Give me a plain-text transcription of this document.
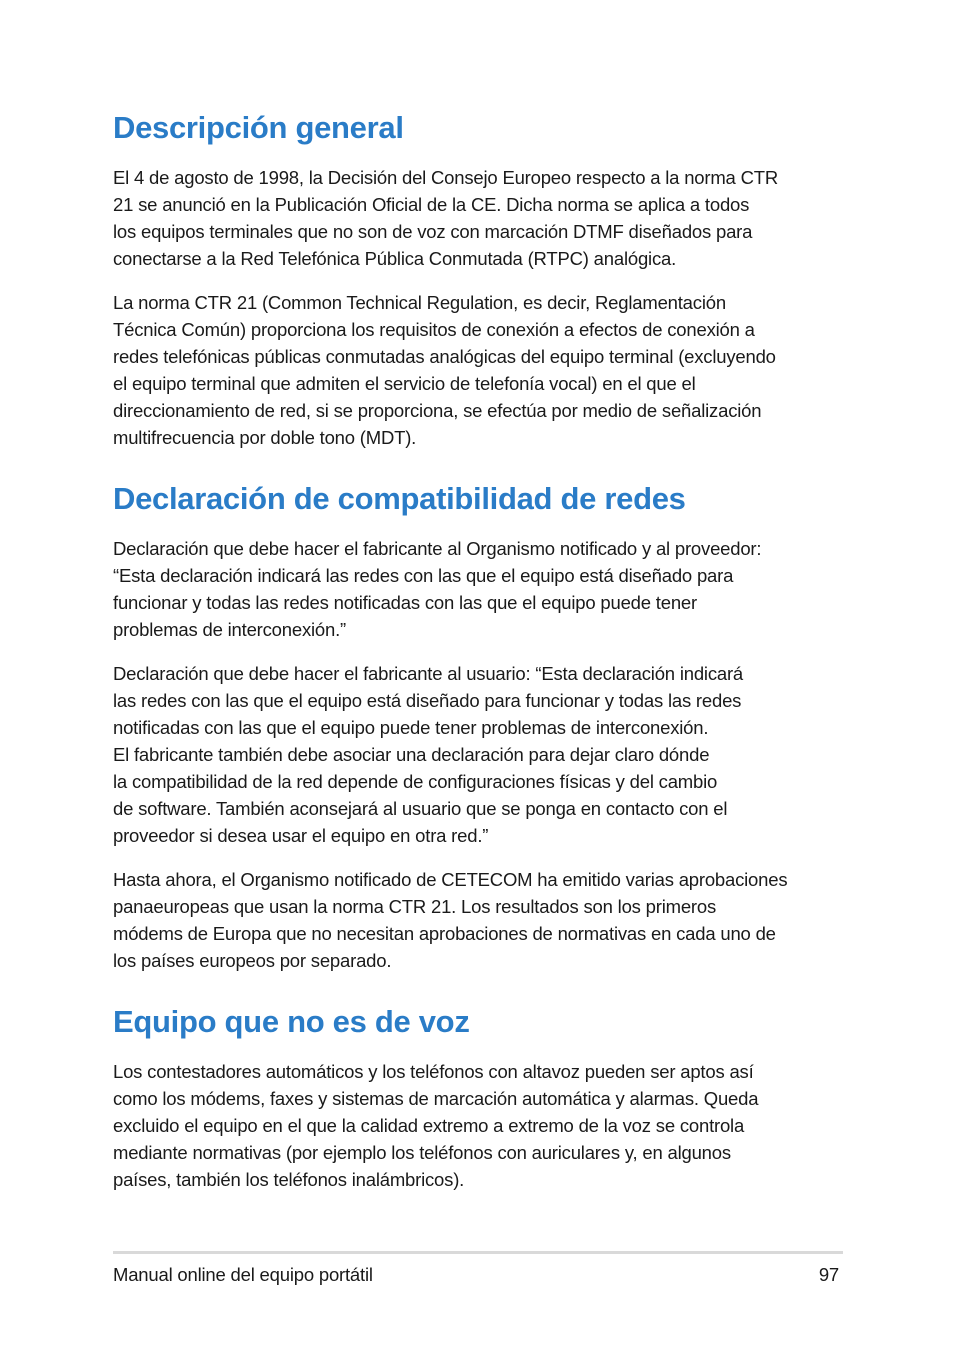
Descripción general

El 4 de agosto de 1998, la Decisión del Consejo Europeo respecto a la norma CTR
21 se anunció en la Publicación Oficial de la CE. Dicha norma se aplica a todos
los equipos terminales que no son de voz con marcación DTMF diseñados para
conectarse a la Red Telefónica Pública Conmutada (RTPC) analógica.

La norma CTR 21 (Common Technical Regulation, es decir, Reglamentación
Técnica Común) proporciona los requisitos de conexión a efectos de conexión a
redes telefónicas públicas conmutadas analógicas del equipo terminal (excluyendo
el equipo terminal que admiten el servicio de telefonía vocal) en el que el
direccionamiento de red, si se proporciona, se efectúa por medio de señalización
multifrecuencia por doble tono (MDT).

Declaración de compatibilidad de redes

Declaración que debe hacer el fabricante al Organismo notificado y al proveedor:
“Esta declaración indicará las redes con las que el equipo está diseñado para
funcionar y todas las redes notificadas con las que el equipo puede tener
problemas de interconexión.”

Declaración que debe hacer el fabricante al usuario: “Esta declaración indicará
las redes con las que el equipo está diseñado para funcionar y todas las redes
notificadas con las que el equipo puede tener problemas de interconexión.
El fabricante también debe asociar una declaración para dejar claro dónde
la compatibilidad de la red depende de configuraciones físicas y del cambio
de software. También aconsejará al usuario que se ponga en contacto con el
proveedor si desea usar el equipo en otra red.”

Hasta ahora, el Organismo notificado de CETECOM ha emitido varias aprobaciones
panaeuropeas que usan la norma CTR 21. Los resultados son los primeros
módems de Europa que no necesitan aprobaciones de normativas en cada uno de
los países europeos por separado.

Equipo que no es de voz

Los contestadores automáticos y los teléfonos con altavoz pueden ser aptos así
como los módems, faxes y sistemas de marcación automática y alarmas. Queda
excluido el equipo en el que la calidad extremo a extremo de la voz se controla
mediante normativas (por ejemplo los teléfonos con auriculares y, en algunos
países, también los teléfonos inalámbricos).

Manual online del equipo portátil	97
